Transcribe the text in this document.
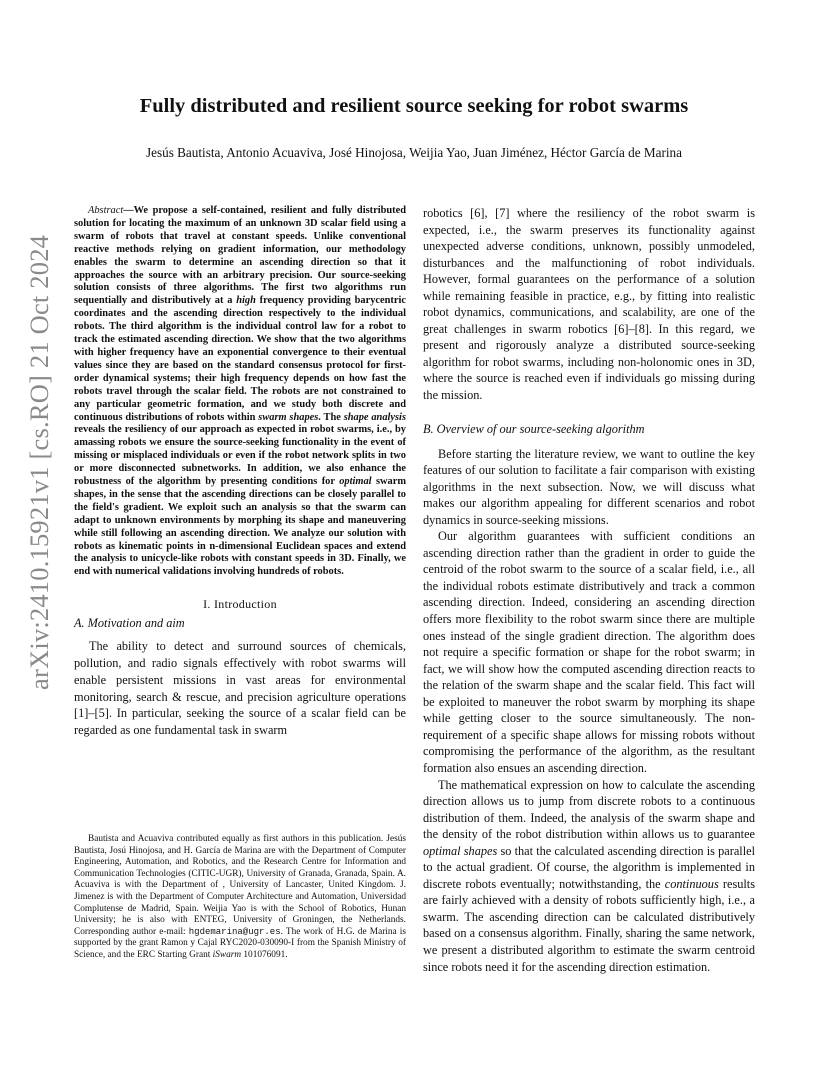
arXiv:2410.15921v1 [cs.RO] 21 Oct 2024
Fully distributed and resilient source seeking for robot swarms
Jesús Bautista, Antonio Acuaviva, José Hinojosa, Weijia Yao, Juan Jiménez, Héctor García de Marina

Abstract—We propose a self-contained, resilient and fully distributed solution for locating the maximum of an unknown 3D scalar field using a swarm of robots that travel at constant speeds. Unlike conventional reactive methods relying on gradient information, our methodology enables the swarm to determine an ascending direction so that it approaches the source with an arbitrary precision. Our source-seeking solution consists of three algorithms. The first two algorithms run sequentially and distributively at a high frequency providing barycentric coordinates and the ascending direction respectively to the individual robots. The third algorithm is the individual control law for a robot to track the estimated ascending direction. We show that the two algorithms with higher frequency have an exponential convergence to their eventual values since they are based on the standard consensus protocol for first-order dynamical systems; their high frequency depends on how fast the robots travel through the scalar field. The robots are not constrained to any particular geometric formation, and we study both discrete and continuous distributions of robots within swarm shapes. The shape analysis reveals the resiliency of our approach as expected in robot swarms, i.e., by amassing robots we ensure the source-seeking functionality in the event of missing or misplaced individuals or even if the robot network splits in two or more disconnected subnetworks. In addition, we also enhance the robustness of the algorithm by presenting conditions for optimal swarm shapes, in the sense that the ascending directions can be closely parallel to the field's gradient. We exploit such an analysis so that the swarm can adapt to unknown environments by morphing its shape and maneuvering while still following an ascending direction. We analyze our solution with robots as kinematic points in n-dimensional Euclidean spaces and extend the analysis to unicycle-like robots with constant speeds in 3D. Finally, we end with numerical validations involving hundreds of robots.

I. Introduction
A. Motivation and aim

The ability to detect and surround sources of chemicals, pollution, and radio signals effectively with robot swarms will enable persistent missions in vast areas for environmental monitoring, search & rescue, and precision agriculture operations [1]–[5]. In particular, seeking the source of a scalar field can be regarded as one fundamental task in swarm

Bautista and Acuaviva contributed equally as first authors in this publication. Jesús Bautista, Josú Hinojosa, and H. García de Marina are with the Department of Computer Engineering, Automation, and Robotics, and the Research Centre for Information and Communication Technologies (CITIC-UGR), University of Granada, Granada, Spain. A. Acuaviva is with the Department of , University of Lancaster, United Kingdom. J. Jimenez is with the Department of Computer Architecture and Automation, Universidad Complutense de Madrid, Spain. Weijia Yao is with the School of Robotics, Hunan University; he is also with ENTEG, University of Groningen, the Netherlands. Corresponding author e-mail: hgdemarina@ugr.es. The work of H.G. de Marina is supported by the grant Ramon y Cajal RYC2020-030090-I from the Spanish Ministry of Science, and the ERC Starting Grant iSwarm 101076091.

robotics [6], [7] where the resiliency of the robot swarm is expected, i.e., the swarm preserves its functionality against unexpected adverse conditions, unknown, possibly unmodeled, disturbances and the malfunctioning of robot individuals. However, formal guarantees on the performance of a solution while remaining feasible in practice, e.g., by fitting into realistic robot dynamics, communications, and scalability, are one of the great challenges in swarm robotics [6]–[8]. In this regard, we present and rigorously analyze a distributed source-seeking algorithm for robot swarms, including non-holonomic ones in 3D, where the source is reached even if individuals go missing during the mission.

B. Overview of our source-seeking algorithm

Before starting the literature review, we want to outline the key features of our solution to facilitate a fair comparison with existing algorithms in the next subsection. Now, we will discuss what makes our algorithm appealing for different scenarios and robot dynamics in source-seeking missions.

Our algorithm guarantees with sufficient conditions an ascending direction rather than the gradient in order to guide the centroid of the robot swarm to the source of a scalar field, i.e., all the individual robots estimate distributively and track a common ascending direction. Indeed, considering an ascending direction offers more flexibility to the robot swarm since there are multiple ones instead of the single gradient direction. The algorithm does not require a specific formation or shape for the robot swarm; in fact, we will show how the computed ascending direction reacts to the relation of the swarm shape and the scalar field. This fact will be exploited to maneuver the robot swarm by morphing its shape while getting closer to the source simultaneously. The non-requirement of a specific shape allows for missing robots without compromising the performance of the algorithm, as the resultant formation also ensues an ascending direction.

The mathematical expression on how to calculate the ascending direction allows us to jump from discrete robots to a continuous distribution of them. Indeed, the analysis of the swarm shape and the density of the robot distribution within allows us to guarantee optimal shapes so that the calculated ascending direction is parallel to the actual gradient. Of course, the algorithm is implemented in discrete robots eventually; notwithstanding, the continuous results are fairly achieved with a density of robots sufficiently high, i.e., a swarm. The ascending direction can be calculated distributively based on a consensus algorithm. Finally, sharing the same network, we present a distributed algorithm to estimate the swarm centroid since robots need it for the ascending direction estimation.
